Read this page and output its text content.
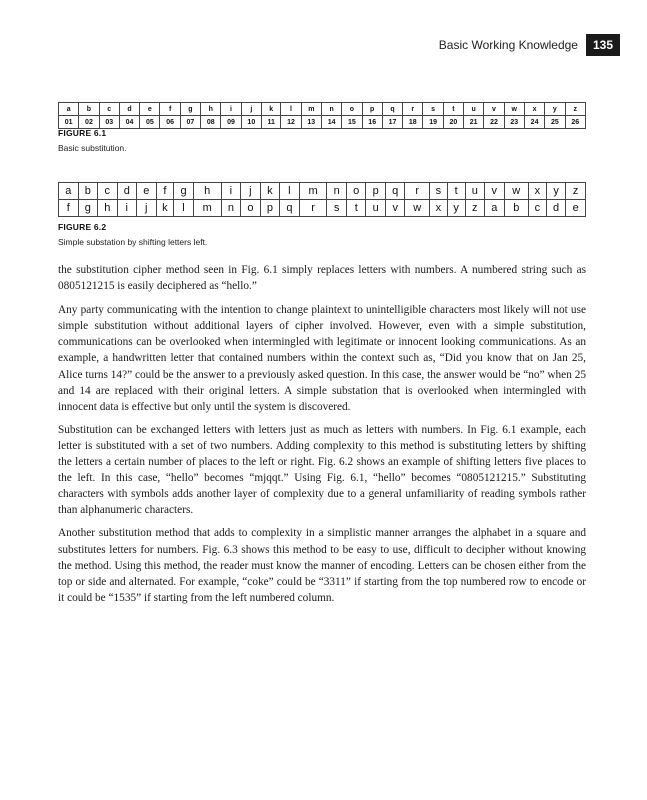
Basic Working Knowledge	135
a	b	c	d	e	f	g	h	i	j	k	l	m	n	o	p	q	r	s	t	u	v	w	x	y	z
01	02	03	04	05	06	07	08	09	10	11	12	13	14	15	16	17	18	19	20	21	22	23	24	25	26
FIGURE 6.1
Basic substitution.
a	b	c	d	e	f	g	h	i	j	k	l	m	n	o	p	q	r	s	t	u	v	w	x	y	z
f	g	h	i	j	k	l	m	n	o	p	q	r	s	t	u	v	w	x	y	z	a	b	c	d	e
FIGURE 6.2
Simple substation by shifting letters left.

the substitution cipher method seen in Fig. 6.1 simply replaces letters with numbers. A numbered string such as 0805121215 is easily deciphered as “hello.”

Any party communicating with the intention to change plaintext to unintelligible characters most likely will not use simple substitution without additional layers of cipher involved. However, even with a simple substitution, communications can be overlooked when intermingled with legitimate or innocent looking communications. As an example, a handwritten letter that contained numbers within the context such as, “Did you know that on Jan 25, Alice turns 14?” could be the answer to a previously asked question. In this case, the answer would be “no” when 25 and 14 are replaced with their original letters. A simple substation that is overlooked when intermingled with innocent data is effective but only until the system is discovered.

Substitution can be exchanged letters with letters just as much as letters with numbers. In Fig. 6.1 example, each letter is substituted with a set of two numbers. Adding complexity to this method is substituting letters by shifting the letters a certain number of places to the left or right. Fig. 6.2 shows an example of shifting letters five places to the left. In this case, “hello” becomes “mjqqt.” Using Fig. 6.1, “hello” becomes “0805121215.” Substituting characters with symbols adds another layer of complexity due to a general unfamiliarity of reading symbols rather than alphanumeric characters.

Another substitution method that adds to complexity in a simplistic manner arranges the alphabet in a square and substitutes letters for numbers. Fig. 6.3 shows this method to be easy to use, difficult to decipher without knowing the method. Using this method, the reader must know the manner of encoding. Letters can be chosen either from the top or side and alternated. For example, “coke” could be “3311” if starting from the top numbered row to encode or it could be “1535” if starting from the left numbered column.
